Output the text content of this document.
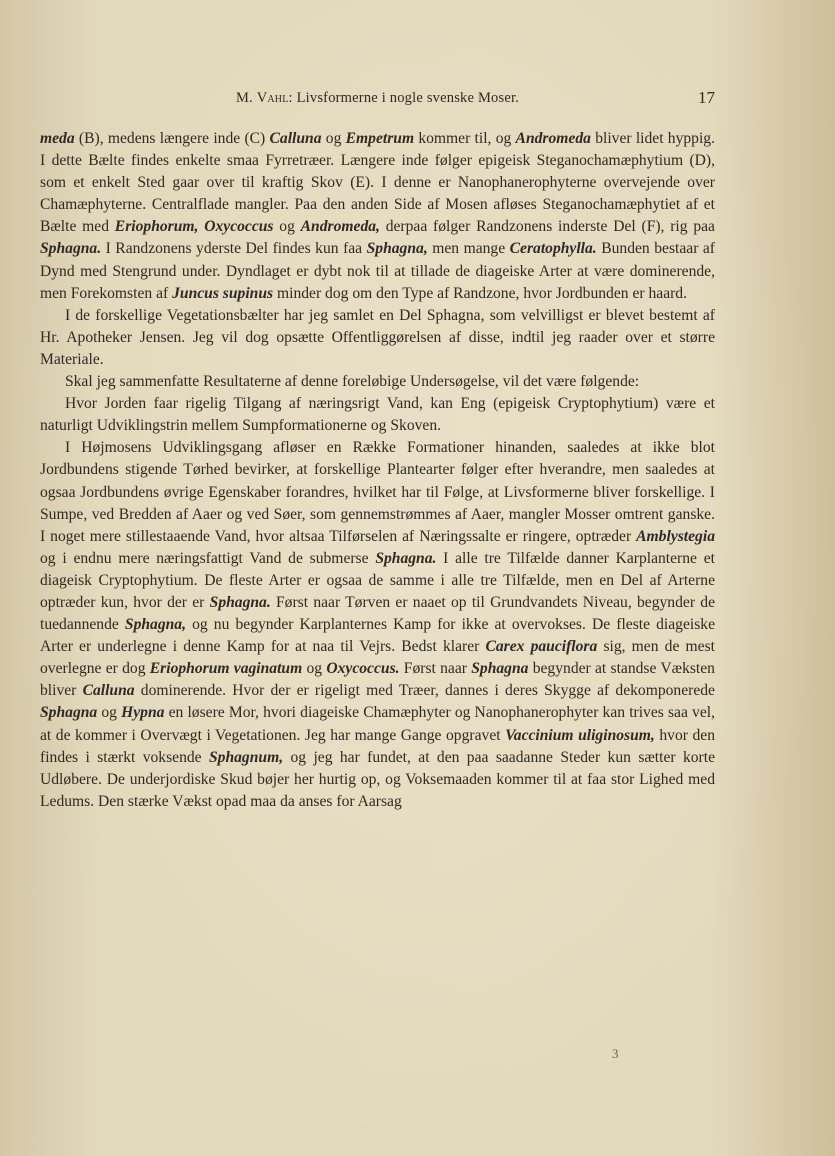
M. Vahl: Livsformerne i nogle svenske Moser.	17

meda (B), medens længere inde (C) Calluna og Empetrum kommer til, og Andromeda bliver lidet hyppig. I dette Bælte findes enkelte smaa Fyrretræer. Længere inde følger epigeisk Steganochamæphytium (D), som et enkelt Sted gaar over til kraftig Skov (E). I denne er Nanophanerophyterne overvejende over Chamæphyterne. Centralflade mangler. Paa den anden Side af Mosen afløses Steganochamæphytiet af et Bælte med Eriophorum, Oxycoccus og Andromeda, derpaa følger Randzonens inderste Del (F), rig paa Sphagna. I Randzonens yderste Del findes kun faa Sphagna, men mange Ceratophylla. Bunden bestaar af Dynd med Stengrund under. Dyndlaget er dybt nok til at tillade de diageiske Arter at være dominerende, men Forekomsten af Juncus supinus minder dog om den Type af Randzone, hvor Jordbunden er haard.

I de forskellige Vegetationsbælter har jeg samlet en Del Sphagna, som velvilligst er blevet bestemt af Hr. Apotheker Jensen. Jeg vil dog opsætte Offentliggørelsen af disse, indtil jeg raader over et større Materiale.

Skal jeg sammenfatte Resultaterne af denne foreløbige Undersøgelse, vil det være følgende:

Hvor Jorden faar rigelig Tilgang af næringsrigt Vand, kan Eng (epigeisk Cryptophytium) være et naturligt Udviklingstrin mellem Sumpformationerne og Skoven.

I Højmosens Udviklingsgang afløser en Række Formationer hinanden, saaledes at ikke blot Jordbundens stigende Tørhed bevirker, at forskellige Plantearter følger efter hverandre, men saaledes at ogsaa Jordbundens øvrige Egenskaber forandres, hvilket har til Følge, at Livsformerne bliver forskellige. I Sumpe, ved Bredden af Aaer og ved Søer, som gennemstrømmes af Aaer, mangler Mosser omtrent ganske. I noget mere stillestaaende Vand, hvor altsaa Tilførselen af Næringssalte er ringere, optræder Amblystegia og i endnu mere næringsfattigt Vand de submerse Sphagna. I alle tre Tilfælde danner Karplanterne et diageisk Cryptophytium. De fleste Arter er ogsaa de samme i alle tre Tilfælde, men en Del af Arterne optræder kun, hvor der er Sphagna. Først naar Tørven er naaet op til Grundvandets Niveau, begynder de tuedannende Sphagna, og nu begynder Karplanternes Kamp for ikke at overvokses. De fleste diageiske Arter er underlegne i denne Kamp for at naa til Vejrs. Bedst klarer Carex pauciflora sig, men de mest overlegne er dog Eriophorum vaginatum og Oxycoccus. Først naar Sphagna begynder at standse Væksten bliver Calluna dominerende. Hvor der er rigeligt med Træer, dannes i deres Skygge af dekomponerede Sphagna og Hypna en løsere Mor, hvori diageiske Chamæphyter og Nanophanerophyter kan trives saa vel, at de kommer i Overvægt i Vegetationen. Jeg har mange Gange opgravet Vaccinium uliginosum, hvor den findes i stærkt voksende Sphagnum, og jeg har fundet, at den paa saadanne Steder kun sætter korte Udløbere. De underjordiske Skud bøjer her hurtig op, og Voksemaaden kommer til at faa stor Lighed med Ledums. Den stærke Vækst opad maa da anses for Aarsag

3
